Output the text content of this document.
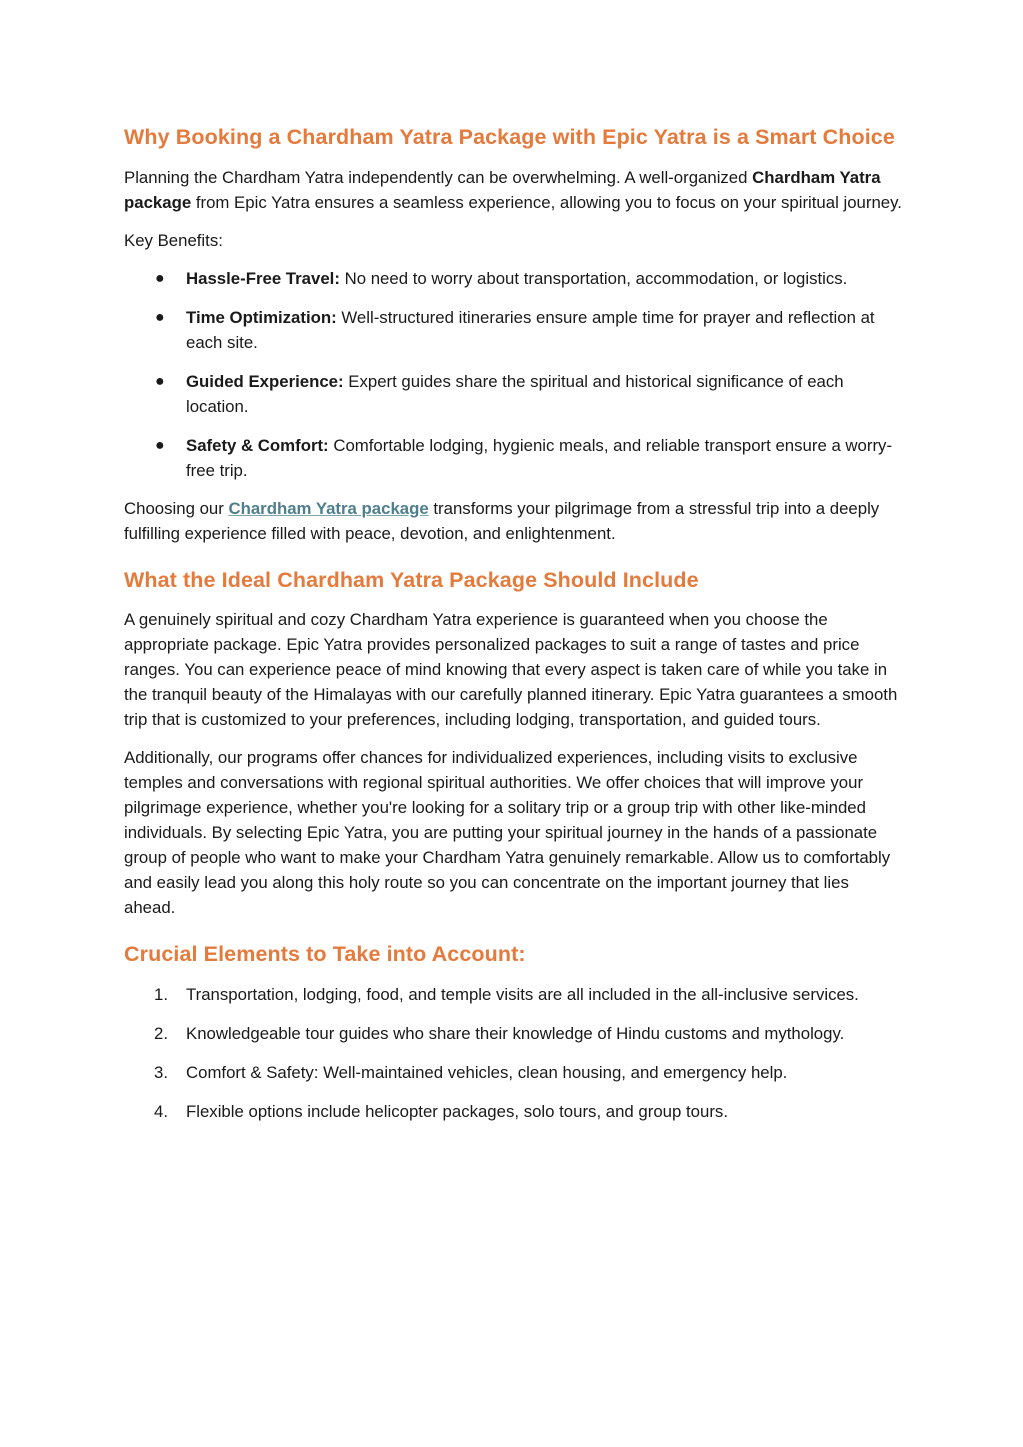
Why Booking a Chardham Yatra Package with Epic Yatra is a Smart Choice

Planning the Chardham Yatra independently can be overwhelming. A well-organized Chardham Yatra package from Epic Yatra ensures a seamless experience, allowing you to focus on your spiritual journey.

Key Benefits:

● Hassle-Free Travel: No need to worry about transportation, accommodation, or logistics.
● Time Optimization: Well-structured itineraries ensure ample time for prayer and reflection at each site.
● Guided Experience: Expert guides share the spiritual and historical significance of each location.
● Safety & Comfort: Comfortable lodging, hygienic meals, and reliable transport ensure a worry-free trip.

Choosing our Chardham Yatra package transforms your pilgrimage from a stressful trip into a deeply fulfilling experience filled with peace, devotion, and enlightenment.

What the Ideal Chardham Yatra Package Should Include

A genuinely spiritual and cozy Chardham Yatra experience is guaranteed when you choose the appropriate package. Epic Yatra provides personalized packages to suit a range of tastes and price ranges. You can experience peace of mind knowing that every aspect is taken care of while you take in the tranquil beauty of the Himalayas with our carefully planned itinerary. Epic Yatra guarantees a smooth trip that is customized to your preferences, including lodging, transportation, and guided tours.

Additionally, our programs offer chances for individualized experiences, including visits to exclusive temples and conversations with regional spiritual authorities. We offer choices that will improve your pilgrimage experience, whether you're looking for a solitary trip or a group trip with other like-minded individuals. By selecting Epic Yatra, you are putting your spiritual journey in the hands of a passionate group of people who want to make your Chardham Yatra genuinely remarkable. Allow us to comfortably and easily lead you along this holy route so you can concentrate on the important journey that lies ahead.

Crucial Elements to Take into Account:
1. Transportation, lodging, food, and temple visits are all included in the all-inclusive services.
2. Knowledgeable tour guides who share their knowledge of Hindu customs and mythology.
3. Comfort & Safety: Well-maintained vehicles, clean housing, and emergency help.
4. Flexible options include helicopter packages, solo tours, and group tours.
